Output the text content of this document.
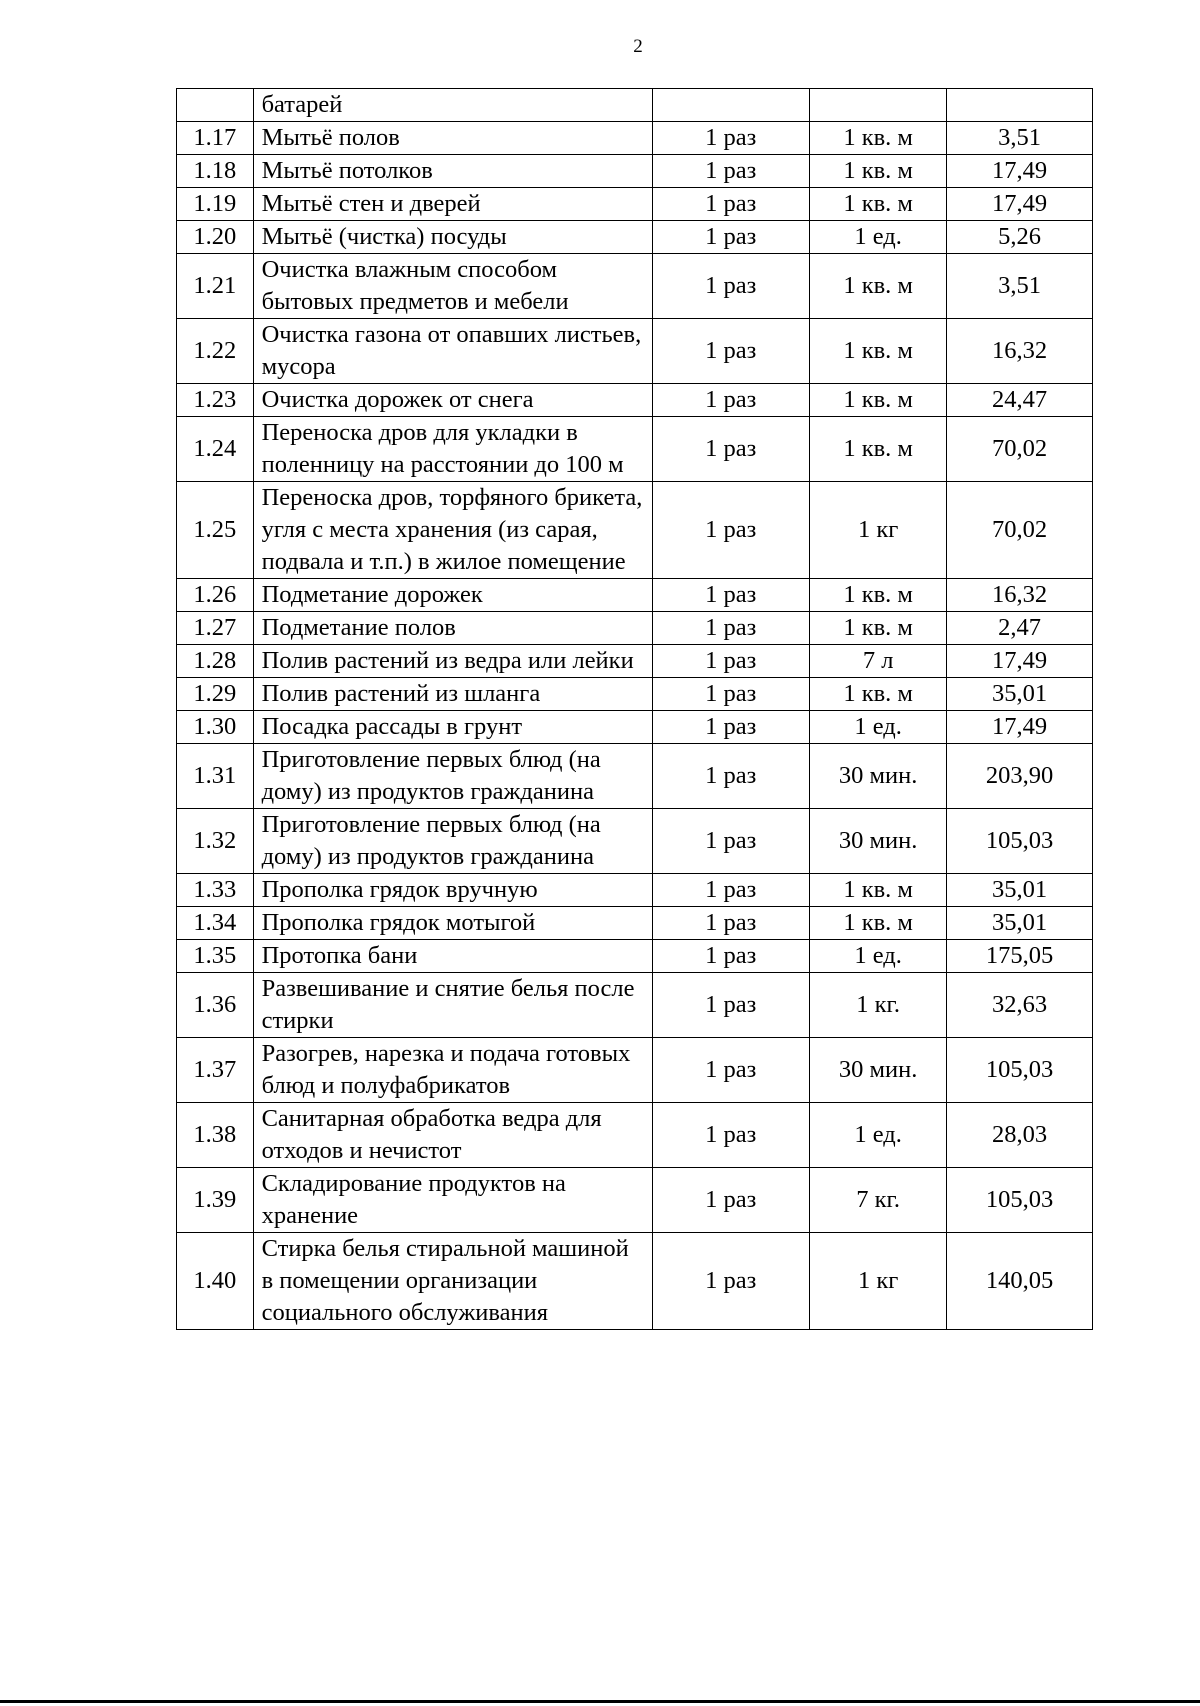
2
	батарей			
1.17	Мытьё полов	1 раз	1 кв. м	3,51
1.18	Мытьё потолков	1 раз	1 кв. м	17,49
1.19	Мытьё стен и дверей	1 раз	1 кв. м	17,49
1.20	Мытьё (чистка) посуды	1 раз	1 ед.	5,26
1.21	Очистка влажным способом бытовых предметов и мебели	1 раз	1 кв. м	3,51
1.22	Очистка газона от опавших листьев, мусора	1 раз	1 кв. м	16,32
1.23	Очистка дорожек от снега	1 раз	1 кв. м	24,47
1.24	Переноска дров для укладки в поленницу на расстоянии до 100 м	1 раз	1 кв. м	70,02
1.25	Переноска дров, торфяного брикета, угля с места хранения (из сарая, подвала и т.п.) в жилое помещение	1 раз	1 кг	70,02
1.26	Подметание дорожек	1 раз	1 кв. м	16,32
1.27	Подметание полов	1 раз	1 кв. м	2,47
1.28	Полив растений из ведра или лейки	1 раз	7 л	17,49
1.29	Полив растений из шланга	1 раз	1 кв. м	35,01
1.30	Посадка рассады в грунт	1 раз	1 ед.	17,49
1.31	Приготовление первых блюд (на дому) из продуктов гражданина	1 раз	30 мин.	203,90
1.32	Приготовление первых блюд (на дому) из продуктов гражданина	1 раз	30 мин.	105,03
1.33	Прополка грядок вручную	1 раз	1 кв. м	35,01
1.34	Прополка грядок мотыгой	1 раз	1 кв. м	35,01
1.35	Протопка бани	1 раз	1 ед.	175,05
1.36	Развешивание и снятие белья после стирки	1 раз	1 кг.	32,63
1.37	Разогрев, нарезка и подача готовых блюд и полуфабрикатов	1 раз	30 мин.	105,03
1.38	Санитарная обработка ведра для отходов и нечистот	1 раз	1 ед.	28,03
1.39	Складирование продуктов на хранение	1 раз	7 кг.	105,03
1.40	Стирка белья стиральной машиной в помещении организации социального обслуживания	1 раз	1 кг	140,05
